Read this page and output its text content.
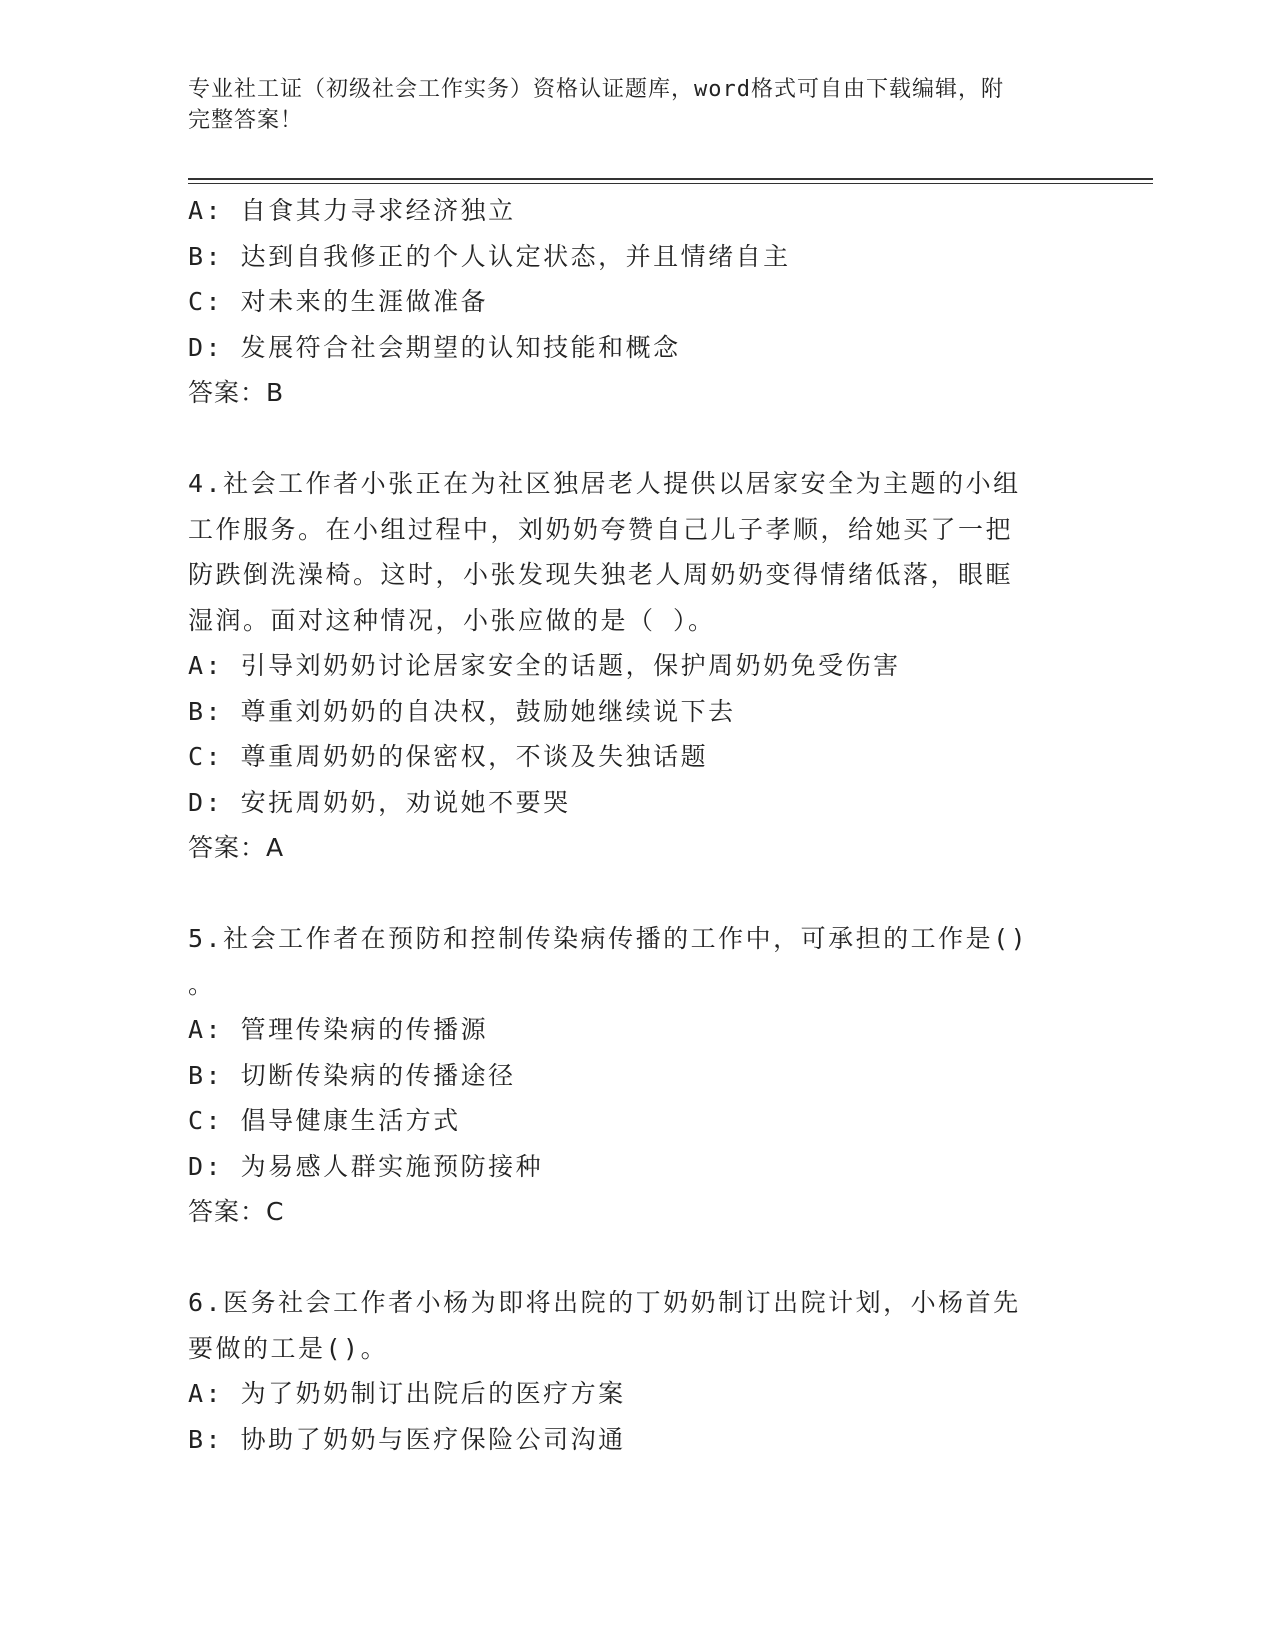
专业社工证（初级社会工作实务）资格认证题库，word格式可自由下载编辑，附
完整答案！
A: 自食其力寻求经济独立
B: 达到自我修正的个人认定状态，并且情绪自主
C: 对未来的生涯做准备
D: 发展符合社会期望的认知技能和概念
答案：B
4.社会工作者小张正在为社区独居老人提供以居家安全为主题的小组
工作服务。在小组过程中，刘奶奶夸赞自己儿子孝顺，给她买了一把
防跌倒洗澡椅。这时，小张发现失独老人周奶奶变得情绪低落，眼眶
湿润。面对这种情况，小张应做的是（ ）。
A: 引导刘奶奶讨论居家安全的话题，保护周奶奶免受伤害
B: 尊重刘奶奶的自决权，鼓励她继续说下去
C: 尊重周奶奶的保密权，不谈及失独话题
D: 安抚周奶奶，劝说她不要哭
答案：A
5.社会工作者在预防和控制传染病传播的工作中，可承担的工作是()
。
A: 管理传染病的传播源
B: 切断传染病的传播途径
C: 倡导健康生活方式
D: 为易感人群实施预防接种
答案：C
6.医务社会工作者小杨为即将出院的丁奶奶制订出院计划，小杨首先
要做的工是()。
A: 为了奶奶制订出院后的医疗方案
B: 协助了奶奶与医疗保险公司沟通
